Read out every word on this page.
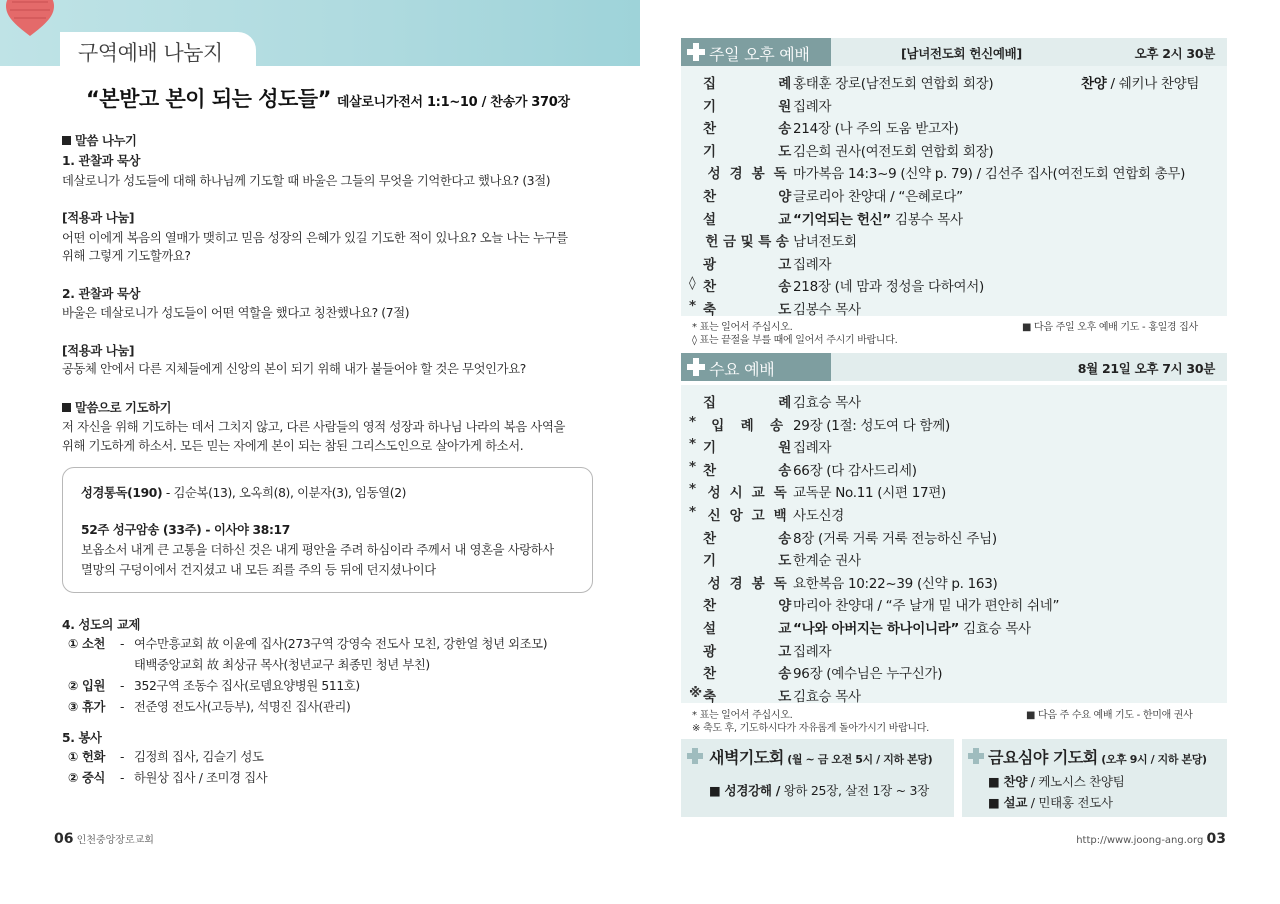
구역예배 나눔지
“본받고 본이 되는 성도들” 데살로니가전서 1:1~10 / 찬송가 370장
말씀 나누기
1. 관찰과 묵상
데살로니가 성도들에 대해 하나님께 기도할 때 바울은 그들의 무엇을 기억한다고 했나요? (3절)
[적용과 나눔]
어떤 이에게 복음의 열매가 맺히고 믿음 성장의 은혜가 있길 기도한 적이 있나요? 오늘 나는 누구를
위해 그렇게 기도할까요?
2. 관찰과 묵상
바울은 데살로니가 성도들이 어떤 역할을 했다고 칭찬했나요? (7절)
[적용과 나눔]
공동체 안에서 다른 지체들에게 신앙의 본이 되기 위해 내가 붙들어야 할 것은 무엇인가요?
말씀으로 기도하기
저 자신을 위해 기도하는 데서 그치지 않고, 다른 사람들의 영적 성장과 하나님 나라의 복음 사역을
위해 기도하게 하소서. 모든 믿는 자에게 본이 되는 참된 그리스도인으로 살아가게 하소서.
성경통독(190) - 김순복(13), 오옥희(8), 이분자(3), 임동열(2)
52주 성구암송 (33주) - 이사야 38:17
보옵소서 내게 큰 고통을 더하신 것은 내게 평안을 주려 하심이라 주께서 내 영혼을 사랑하사
멸망의 구덩이에서 건지셨고 내 모든 죄를 주의 등 뒤에 던지셨나이다
4. 성도의 교제
① 소천 -여수만흥교회 故 이윤예 집사(273구역 강영숙 전도사 모친, 강한얼 청년 외조모)
태백중앙교회 故 최상규 목사(청년교구 최종민 청년 부친)
② 입원 -352구역 조동수 집사(로뎀요양병원 511호)
③ 휴가 -전준영 전도사(고등부), 석명진 집사(관리)
5. 봉사
① 헌화 -김정희 집사, 김슬기 성도
② 중식 -하원상 집사 / 조미경 집사
06 인천중앙장로교회
주일 오후 예배	[남녀전도회 헌신예배]	오후 2시 30분
집	례 홍태훈 장로(남전도회 연합회 회장)	찬양 / 쉐키나 찬양팀
기	원 집례자
찬	송 214장 (나 주의 도움 받고자)
기	도 김은희 권사(여전도회 연합회 회장)
성 경 봉 독 마가복음 14:3~9 (신약 p. 79) / 김선주 집사(여전도회 연합회 총무)
찬	양 글로리아 찬양대 / “은혜로다”
설	교 “기억되는 헌신” 김봉수 목사
헌 금 및 특 송 남녀전도회
광	고 집례자
◊ 찬	송 218장 (네 맘과 정성을 다하여서)
* 축	도 김봉수 목사
* 표는 일어서 주십시오.
◊ 표는 끝절을 부를 때에 일어서 주시기 바랍니다.
■ 다음 주일 오후 예배 기도 - 홍일경 집사
수요 예배	8월 21일 오후 7시 30분
집	례 김효승 목사
*	입 례 송 29장 (1절: 성도여 다 함께)
* 기	원 집례자
* 찬	송 66장 (다 감사드리세)
* 성 시 교 독 교독문 No.11 (시편 17편)
* 신 앙 고 백 사도신경
찬	송 8장 (거룩 거룩 거룩 전능하신 주님)
기	도 한계순 권사
성 경 봉 독 요한복음 10:22~39 (신약 p. 163)
찬	양 마리아 찬양대 / “주 날개 밑 내가 편안히 쉬네”
설	교 “나와 아버지는 하나이니라” 김효승 목사
광	고 집례자
찬	송 96장 (예수님은 누구신가)
※ 축	도 김효승 목사
* 표는 일어서 주십시오.
※ 축도 후, 기도하시다가 자유롭게 돌아가시기 바랍니다.
■ 다음 주 수요 예배 기도 - 한미애 권사
새벽기도회 (월 ~ 금 오전 5시 / 지하 본당)
■ 성경강해 / 왕하 25장, 살전 1장 ~ 3장
금요심야 기도회 (오후 9시 / 지하 본당)
■ 찬양 / 케노시스 찬양팀
■ 설교 / 민태홍 전도사
http://www.joong-ang.org 03
